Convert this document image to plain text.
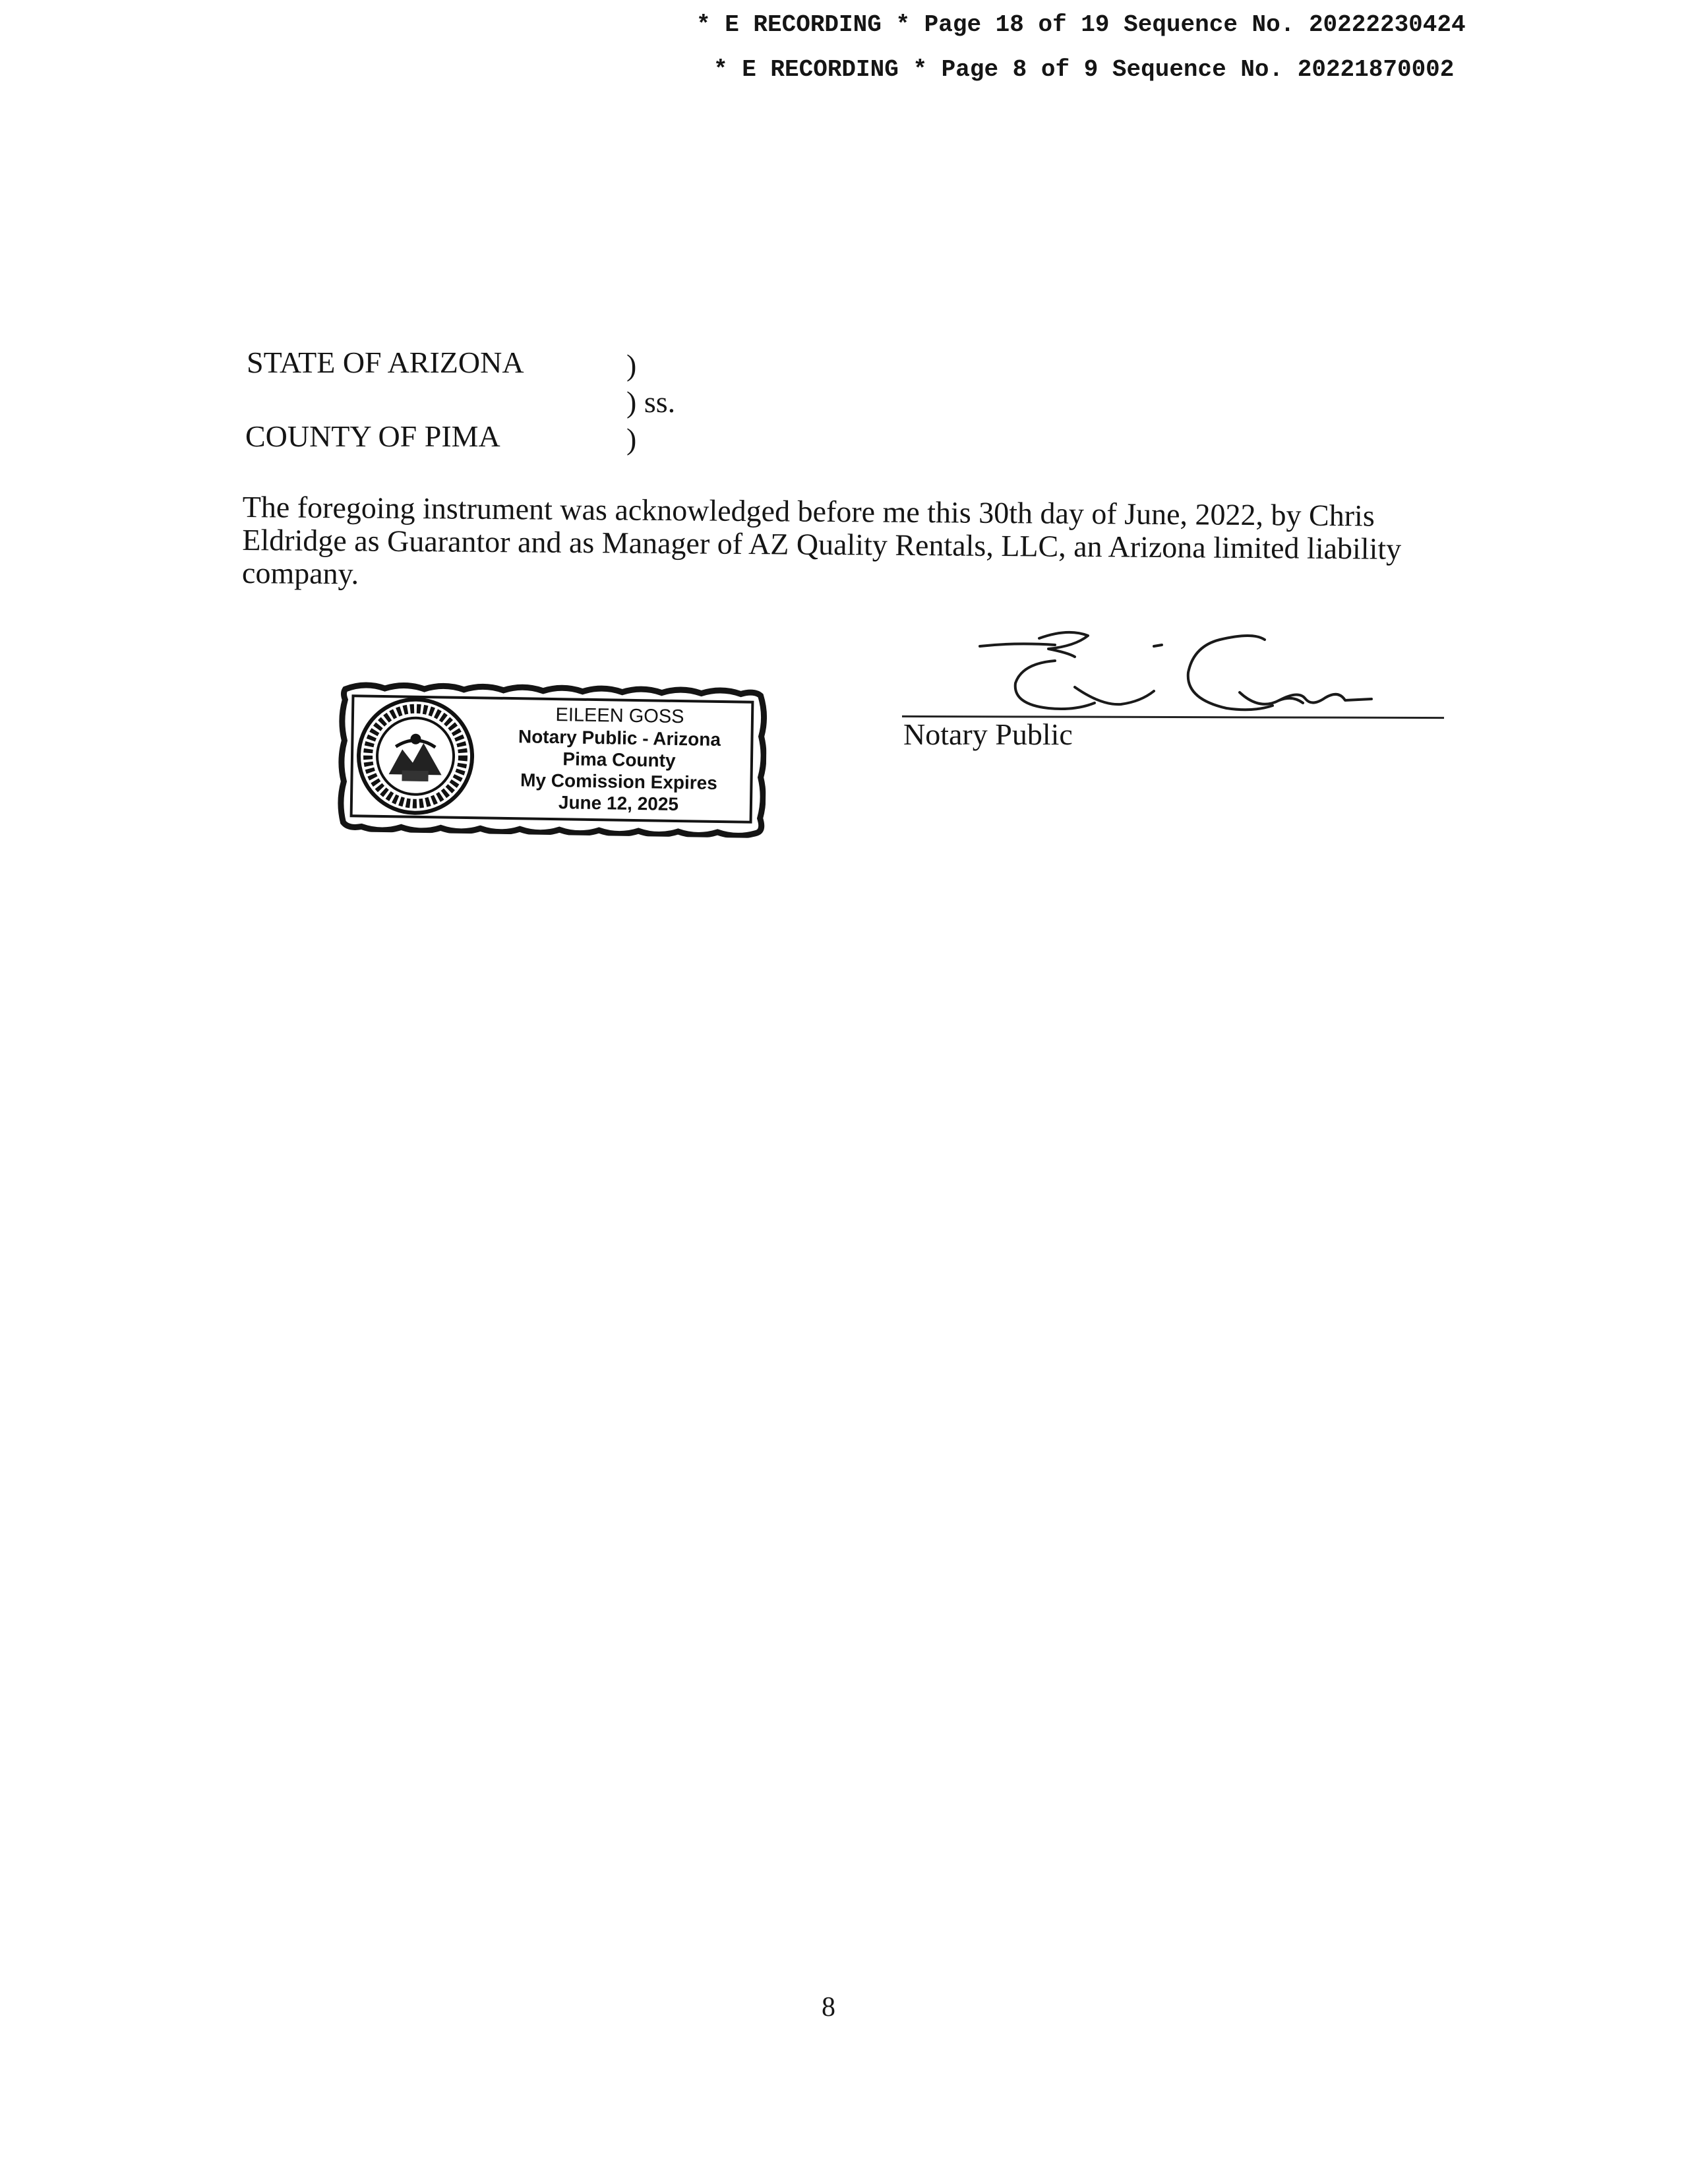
* E RECORDING * Page 18 of 19 Sequence No. 20222230424
* E RECORDING * Page 8 of 9 Sequence No. 20221870002
STATE OF ARIZONA
COUNTY OF PIMA
)
) ss.
)
The foregoing instrument was acknowledged before me this 30th day of June, 2022, by Chris Eldridge as Guarantor and as Manager of AZ Quality Rentals, LLC, an Arizona limited liability company.
EILEEN GOSS
Notary Public - Arizona
Pima County
My Comission Expires
June 12, 2025
Notary Public
8
